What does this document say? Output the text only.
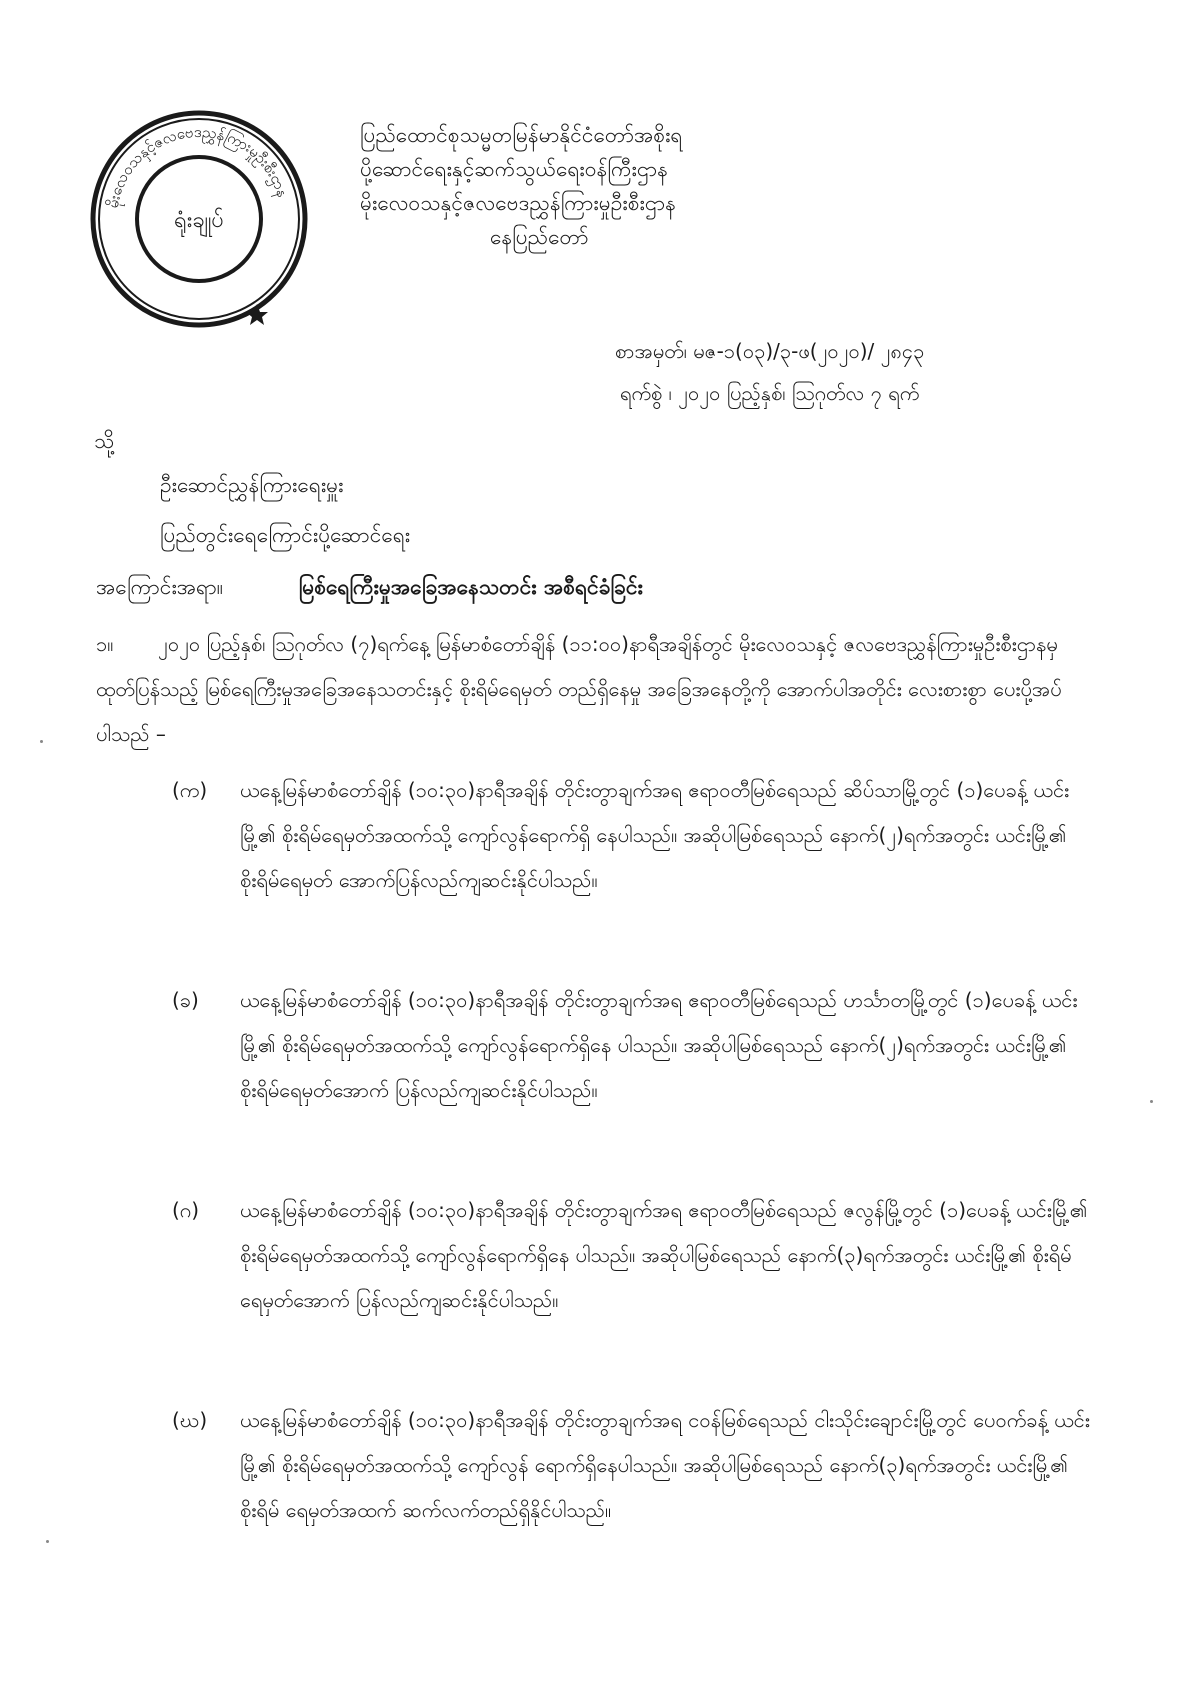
မိုးလေဝသနှင့်ဇလဗေဒညွှန်ကြားမှုဦးစီးဌာန
ရုံးချုပ်
ပြည်ထောင်စုသမ္မတမြန်မာနိုင်ငံတော်အစိုးရ
ပို့ဆောင်ရေးနှင့်ဆက်သွယ်ရေးဝန်ကြီးဌာန
မိုးလေဝသနှင့်ဇလဗေဒညွှန်ကြားမှုဦးစီးဌာန
နေပြည်တော်
စာအမှတ်၊ မဇ-၁(၀၃)/၃-ဖ(၂၀၂၀)/ ၂၈၄၃
ရက်စွဲ ၊ ၂၀၂၀ ပြည့်နှစ်၊ ဩဂုတ်လ ၇ ရက်
သို့
ဦးဆောင်ညွှန်ကြားရေးမှူး
ပြည်တွင်းရေကြောင်းပို့ဆောင်ရေး
အကြောင်းအရာ။	မြစ်ရေကြီးမှုအခြေအနေသတင်း အစီရင်ခံခြင်း
၁။ ၂၀၂၀ ပြည့်နှစ်၊ ဩဂုတ်လ (၇)ရက်နေ့ မြန်မာစံတော်ချိန် (၁၁:၀၀)နာရီအချိန်တွင် မိုးလေဝသနှင့် ဇလဗေဒညွှန်ကြားမှုဦးစီးဌာနမှ ထုတ်ပြန်သည့် မြစ်ရေကြီးမှုအခြေအနေသတင်းနှင့် စိုးရိမ်ရေမှတ် တည်ရှိနေမှု အခြေအနေတို့ကို အောက်ပါအတိုင်း လေးစားစွာ ပေးပို့အပ်ပါသည် –
(က)	ယနေ့မြန်မာစံတော်ချိန် (၁၀:၃၀)နာရီအချိန် တိုင်းတွာချက်အရ ဧရာဝတီမြစ်ရေသည် ဆိပ်သာမြို့တွင် (၁)ပေခန့် ယင်းမြို့၏ စိုးရိမ်ရေမှတ်အထက်သို့ ကျော်လွန်ရောက်ရှိ နေပါသည်။ အဆိုပါမြစ်ရေသည် နောက်(၂)ရက်အတွင်း ယင်းမြို့၏ စိုးရိမ်ရေမှတ် အောက်ပြန်လည်ကျဆင်းနိုင်ပါသည်။
(ခ)	ယနေ့မြန်မာစံတော်ချိန် (၁၀:၃၀)နာရီအချိန် တိုင်းတွာချက်အရ ဧရာဝတီမြစ်ရေသည် ဟင်္သာတမြို့တွင် (၁)ပေခန့် ယင်းမြို့၏ စိုးရိမ်ရေမှတ်အထက်သို့ ကျော်လွန်ရောက်ရှိနေ ပါသည်။ အဆိုပါမြစ်ရေသည် နောက်(၂)ရက်အတွင်း ယင်းမြို့၏ စိုးရိမ်ရေမှတ်အောက် ပြန်လည်ကျဆင်းနိုင်ပါသည်။
(ဂ)	ယနေ့မြန်မာစံတော်ချိန် (၁၀:၃၀)နာရီအချိန် တိုင်းတွာချက်အရ ဧရာဝတီမြစ်ရေသည် ဇလွန်မြို့တွင် (၁)ပေခန့် ယင်းမြို့၏ စိုးရိမ်ရေမှတ်အထက်သို့ ကျော်လွန်ရောက်ရှိနေ ပါသည်။ အဆိုပါမြစ်ရေသည် နောက်(၃)ရက်အတွင်း ယင်းမြို့၏ စိုးရိမ်ရေမှတ်အောက် ပြန်လည်ကျဆင်းနိုင်ပါသည်။
(ဃ)	ယနေ့မြန်မာစံတော်ချိန် (၁၀:၃၀)နာရီအချိန် တိုင်းတွာချက်အရ ငဝန်မြစ်ရေသည် ငါးသိုင်းချောင်းမြို့တွင် ပေဝက်ခန့် ယင်းမြို့၏ စိုးရိမ်ရေမှတ်အထက်သို့ ကျော်လွန် ရောက်ရှိနေပါသည်။ အဆိုပါမြစ်ရေသည် နောက်(၃)ရက်အတွင်း ယင်းမြို့၏ စိုးရိမ် ရေမှတ်အထက် ဆက်လက်တည်ရှိနိုင်ပါသည်။
